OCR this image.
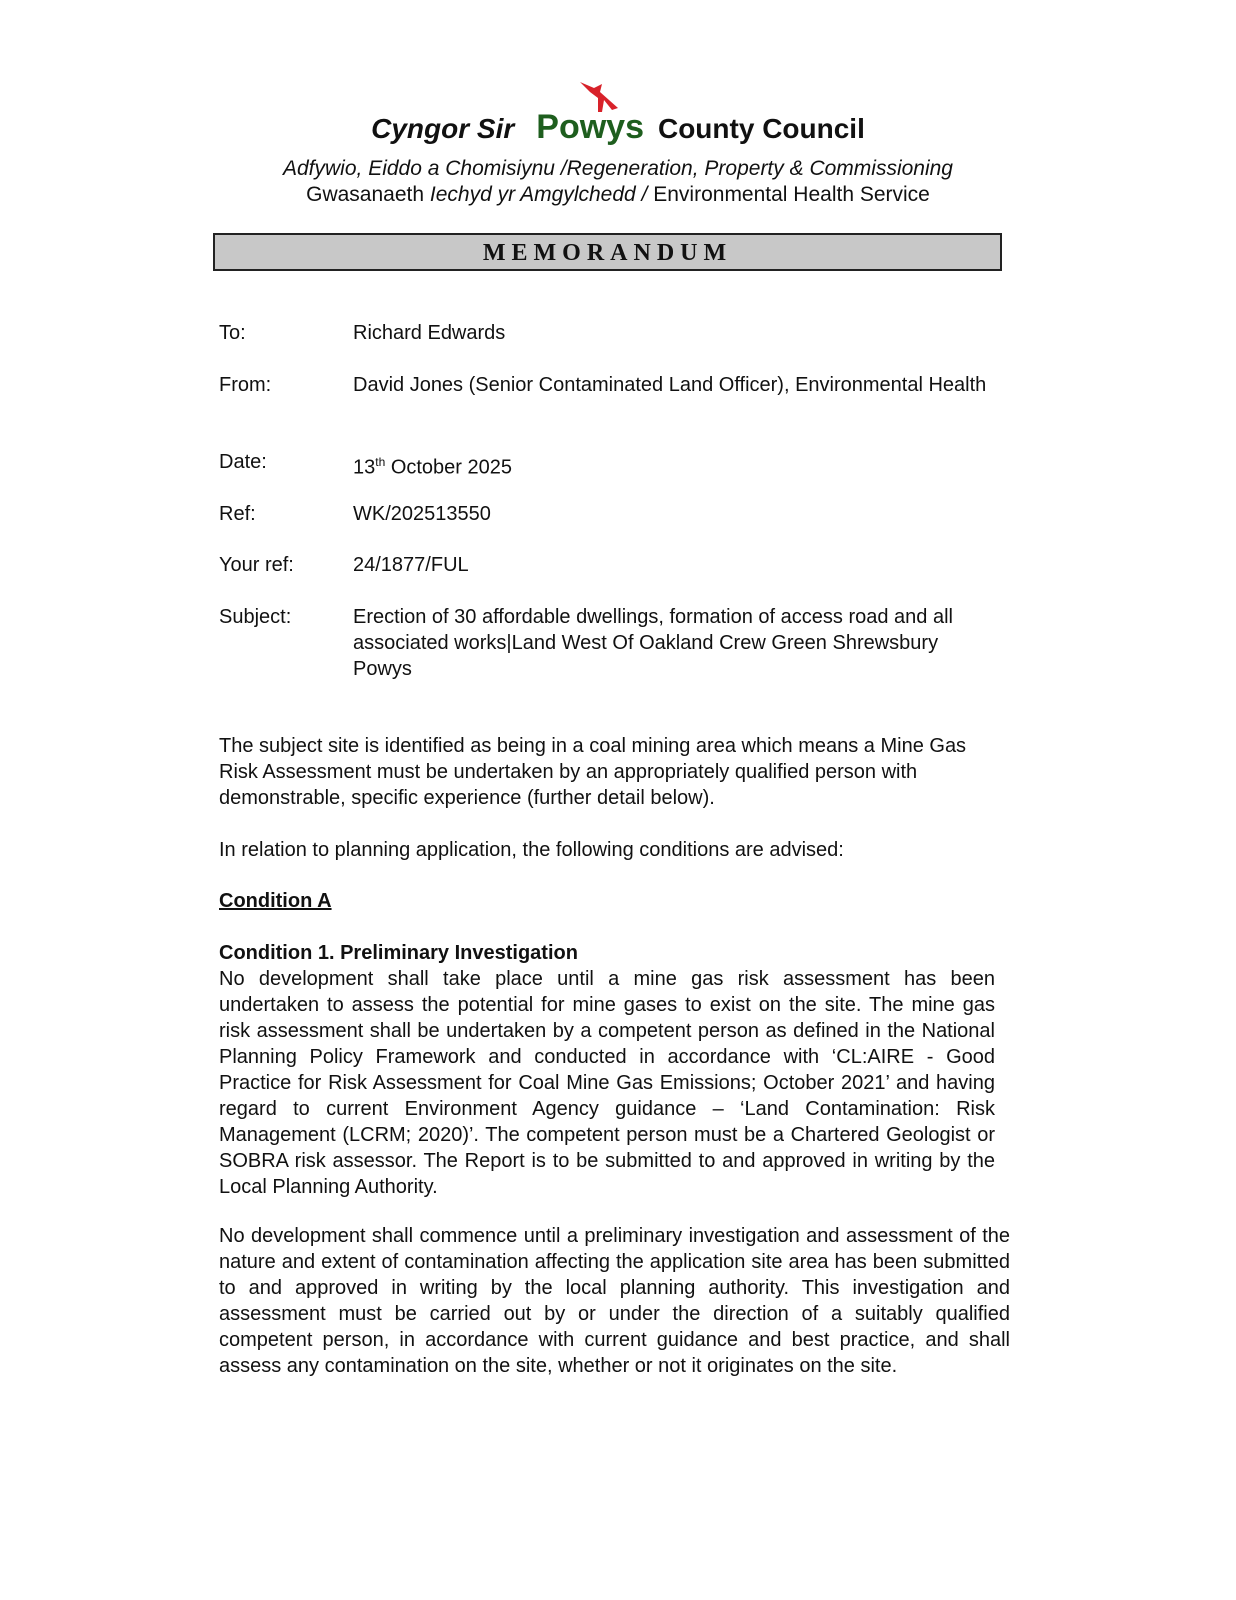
Cyngor Sir Powys County Council
Adfywio, Eiddo a Chomisiynu /Regeneration, Property & Commissioning
Gwasanaeth Iechyd yr Amgylchedd / Environmental Health Service
MEMORANDUM
To:	Richard Edwards
From:	David Jones (Senior Contaminated Land Officer), Environmental Health
Date:	13th October 2025
Ref:	WK/202513550
Your ref:	24/1877/FUL
Subject:	Erection of 30 affordable dwellings, formation of access road and all associated works|Land West Of Oakland Crew Green Shrewsbury Powys
The subject site is identified as being in a coal mining area which means a Mine Gas Risk Assessment must be undertaken by an appropriately qualified person with demonstrable, specific experience (further detail below).
In relation to planning application, the following conditions are advised:
Condition A
Condition 1. Preliminary Investigation
No development shall take place until a mine gas risk assessment has been undertaken to assess the potential for mine gases to exist on the site. The mine gas risk assessment shall be undertaken by a competent person as defined in the National Planning Policy Framework and conducted in accordance with ‘CL:AIRE - Good Practice for Risk Assessment for Coal Mine Gas Emissions; October 2021’ and having regard to current Environment Agency guidance – ‘Land Contamination: Risk Management (LCRM; 2020)’. The competent person must be a Chartered Geologist or SOBRA risk assessor. The Report is to be submitted to and approved in writing by the Local Planning Authority.
No development shall commence until a preliminary investigation and assessment of the nature and extent of contamination affecting the application site area has been submitted to and approved in writing by the local planning authority. This investigation and assessment must be carried out by or under the direction of a suitably qualified competent person, in accordance with current guidance and best practice, and shall assess any contamination on the site, whether or not it originates on the site.
